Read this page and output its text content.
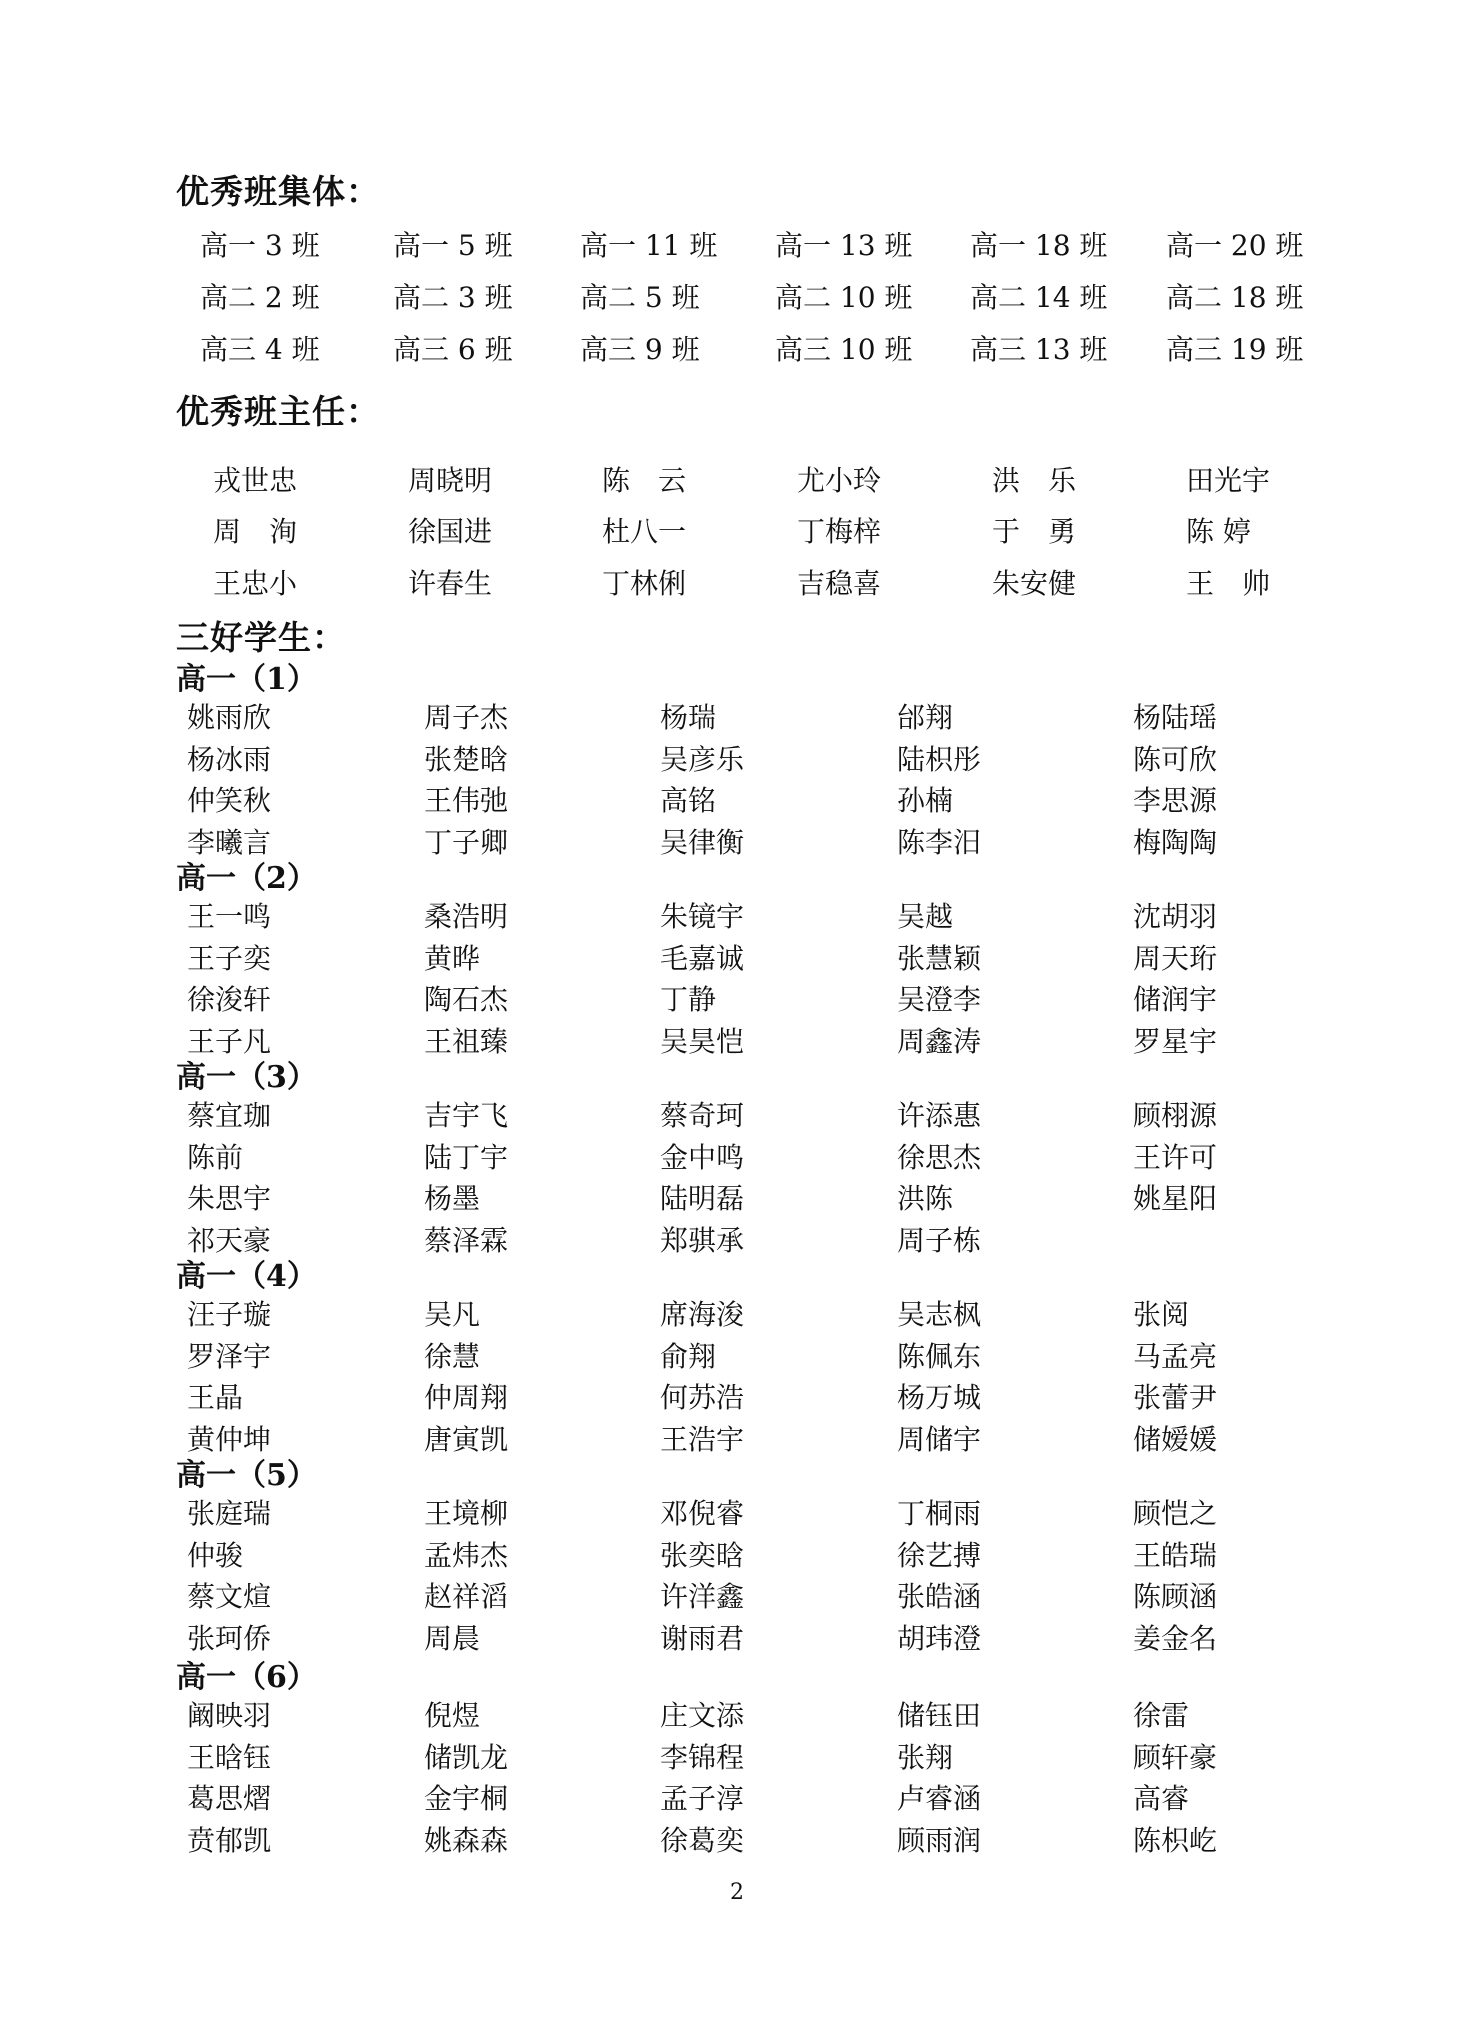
优秀班集体：
高一 3 班	高一 5 班 高一 11 班 高一 13 班 高一 18 班 高一 20 班
高二 2 班	高二 3 班 高二 5 班	高二 10 班 高二 14 班 高二 18 班
高三 4 班	高三 6 班 高三 9 班	高三 10 班 高三 13 班 高三 19 班
优秀班主任：
戎世忠	周晓明	陈　云	尤小玲	洪　乐	田光宇
周　洵	徐国进	杜八一	丁梅梓	于　勇	陈 婷
王忠小	许春生	丁林俐	吉稳喜	朱安健	王　帅
三好学生：
高一（1）
姚雨欣	周子杰	杨瑞	邰翔	杨陆瑶
杨冰雨	张楚晗	吴彦乐	陆枳彤	陈可欣
仲笑秋	王伟弛	高铭	孙楠	李思源
李曦言	丁子卿	吴律衡	陈李汨	梅陶陶
高一（2）
王一鸣	桑浩明	朱镜宇	吴越	沈胡羽
王子奕	黄晔	毛嘉诚	张慧颖	周天珩
徐浚轩	陶石杰	丁静	吴澄李	储润宇
王子凡	王祖臻	吴昊恺	周鑫涛	罗星宇
高一（3）
蔡宜珈	吉宇飞	蔡奇珂	许添惠	顾栩源
陈前	陆丁宇	金中鸣	徐思杰	王许可
朱思宇	杨墨	陆明磊	洪陈	姚星阳
祁天豪	蔡泽霖	郑骐承	周子栋
高一（4）
汪子璇	吴凡	席海浚	吴志枫	张阅
罗泽宇	徐慧	俞翔	陈佩东	马孟亮
王晶	仲周翔	何苏浩	杨万城	张蕾尹
黄仲坤	唐寅凯	王浩宇	周储宇	储嫒媛
高一（5）
张庭瑞	王境柳	邓倪睿	丁桐雨	顾恺之
仲骏	孟炜杰	张奕晗	徐艺搏	王皓瑞
蔡文煊	赵祥滔	许洋鑫	张皓涵	陈顾涵
张珂侨	周晨	谢雨君	胡玮澄	姜金名
高一（6）
阚映羽	倪煜	庄文添	储钰田	徐雷
王晗钰	储凯龙	李锦程	张翔	顾轩豪
葛思熠	金宇桐	孟子淳	卢睿涵	高睿
贲郁凯	姚森森	徐葛奕	顾雨润	陈枳屹
2
